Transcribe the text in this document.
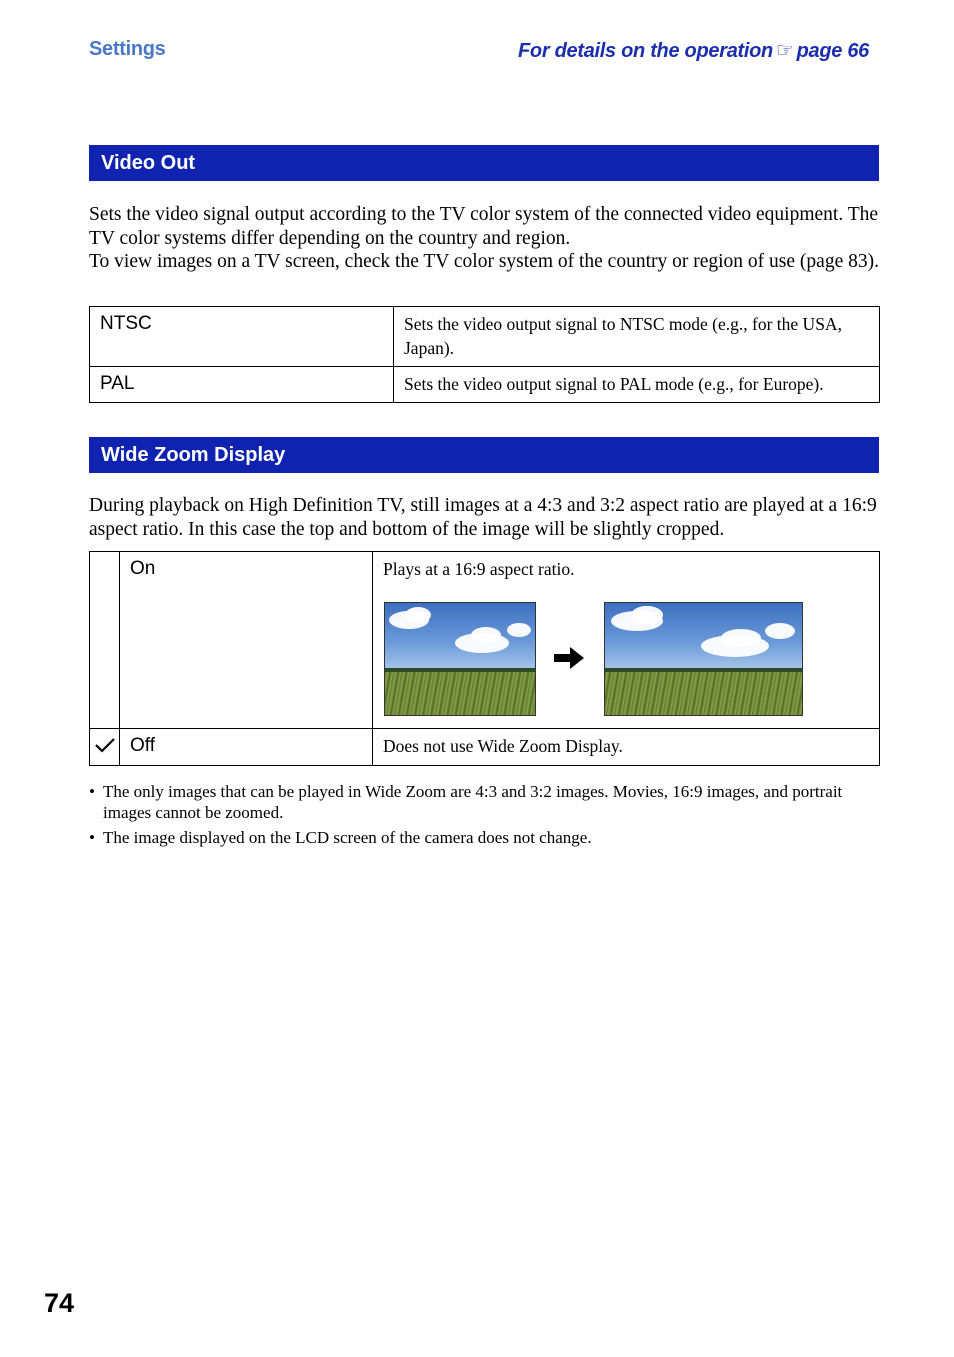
Settings	For details on the operation ☞ page 66
Video Out
Sets the video signal output according to the TV color system of the connected video equipment. The TV color systems differ depending on the country and region.
To view images on a TV screen, check the TV color system of the country or region of use (page 83).
NTSC	Sets the video output signal to NTSC mode (e.g., for the USA, Japan).
PAL	Sets the video output signal to PAL mode (e.g., for Europe).
Wide Zoom Display
During playback on High Definition TV, still images at a 4:3 and 3:2 aspect ratio are played at a 16:9 aspect ratio. In this case the top and bottom of the image will be slightly cropped.
	On	Plays at a 16:9 aspect ratio.
	Off	Does not use Wide Zoom Display.
• The only images that can be played in Wide Zoom are 4:3 and 3:2 images. Movies, 16:9 images, and portrait images cannot be zoomed.
• The image displayed on the LCD screen of the camera does not change.
74
